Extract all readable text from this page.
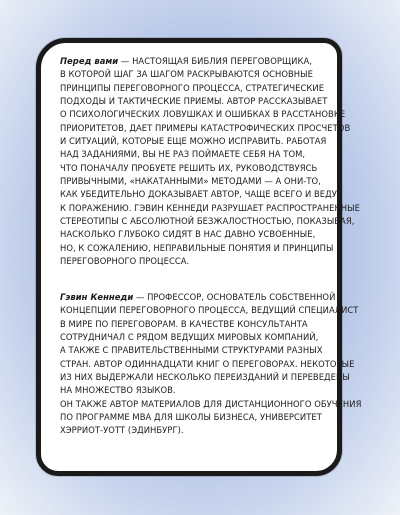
Перед вами — НАСТОЯЩАЯ БИБЛИЯ ПЕРЕГОВОРЩИКА,
В КОТОРОЙ ШАГ ЗА ШАГОМ РАСКРЫВАЮТСЯ ОСНОВНЫЕ
ПРИНЦИПЫ ПЕРЕГОВОРНОГО ПРОЦЕССА, СТРАТЕГИЧЕСКИЕ
ПОДХОДЫ И ТАКТИЧЕСКИЕ ПРИЕМЫ. АВТОР РАССКАЗЫВАЕТ
О ПСИХОЛОГИЧЕСКИХ ЛОВУШКАХ И ОШИБКАХ В РАССТАНОВКЕ
ПРИОРИТЕТОВ, ДАЕТ ПРИМЕРЫ КАТАСТРОФИЧЕСКИХ ПРОСЧЕТОВ
И СИТУАЦИЙ, КОТОРЫЕ ЕЩЕ МОЖНО ИСПРАВИТЬ. РАБОТАЯ
НАД ЗАДАНИЯМИ, ВЫ НЕ РАЗ ПОЙМАЕТЕ СЕБЯ НА ТОМ,
ЧТО ПОНАЧАЛУ ПРОБУЕТЕ РЕШИТЬ ИХ, РУКОВОДСТВУЯСЬ
ПРИВЫЧНЫМИ, «НАКАТАННЫМИ» МЕТОДАМИ — А ОНИ-ТО,
КАК УБЕДИТЕЛЬНО ДОКАЗЫВАЕТ АВТОР, ЧАЩЕ ВСЕГО И ВЕДУТ
К ПОРАЖЕНИЮ. ГЭВИН КЕННЕДИ РАЗРУШАЕТ РАСПРОСТРАНЕННЫЕ
СТЕРЕОТИПЫ С АБСОЛЮТНОЙ БЕЗЖАЛОСТНОСТЬЮ, ПОКАЗЫВАЯ,
НАСКОЛЬКО ГЛУБОКО СИДЯТ В НАС ДАВНО УСВОЕННЫЕ,
НО, К СОЖАЛЕНИЮ, НЕПРАВИЛЬНЫЕ ПОНЯТИЯ И ПРИНЦИПЫ
ПЕРЕГОВОРНОГО ПРОЦЕССА.

Гэвин Кеннеди — ПРОФЕССОР, ОСНОВАТЕЛЬ СОБСТВЕННОЙ
КОНЦЕПЦИИ ПЕРЕГОВОРНОГО ПРОЦЕССА, ВЕДУЩИЙ СПЕЦИАЛИСТ
В МИРЕ ПО ПЕРЕГОВОРАМ. В КАЧЕСТВЕ КОНСУЛЬТАНТА
СОТРУДНИЧАЛ С РЯДОМ ВЕДУЩИХ МИРОВЫХ КОМПАНИЙ,
А ТАКЖЕ С ПРАВИТЕЛЬСТВЕННЫМИ СТРУКТУРАМИ РАЗНЫХ
СТРАН. АВТОР ОДИННАДЦАТИ КНИГ О ПЕРЕГОВОРАХ. НЕКОТОРЫЕ
ИЗ НИХ ВЫДЕРЖАЛИ НЕСКОЛЬКО ПЕРЕИЗДАНИЙ И ПЕРЕВЕДЕНЫ
НА МНОЖЕСТВО ЯЗЫКОВ.
ОН ТАКЖЕ АВТОР МАТЕРИАЛОВ ДЛЯ ДИСТАНЦИОННОГО ОБУЧЕНИЯ
ПО ПРОГРАММЕ MBA ДЛЯ ШКОЛЫ БИЗНЕСА, УНИВЕРСИТЕТ
ХЭРРИОТ-УОТТ (ЭДИНБУРГ).
